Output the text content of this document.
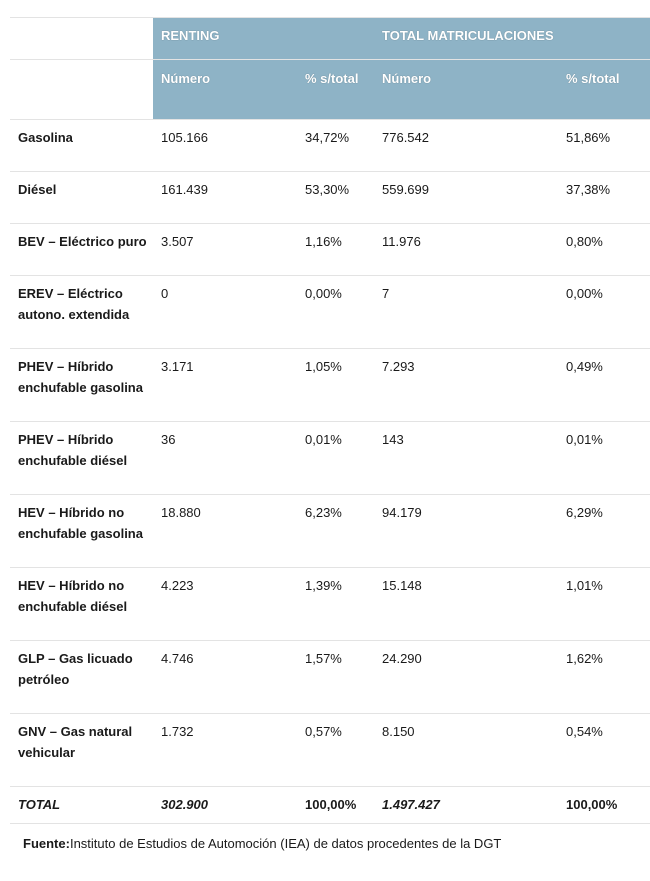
	RENTING		TOTAL MATRICULACIONES	

	Número	% s/total	Número	% s/total

Gasolina	105.166	34,72%	776.542	51,86%

Diésel	161.439	53,30%	559.699	37,38%

BEV – Eléctrico puro	3.507	1,16%	11.976	0,80%

EREV – Eléctrico autono. extendida	0	0,00%	7	0,00%

PHEV – Híbrido enchufable gasolina	3.171	1,05%	7.293	0,49%

PHEV – Híbrido enchufable diésel	36	0,01%	143	0,01%

HEV – Híbrido no enchufable gasolina	18.880	6,23%	94.179	6,29%

HEV – Híbrido no enchufable diésel	4.223	1,39%	15.148	1,01%

GLP – Gas licuado petróleo	4.746	1,57%	24.290	1,62%

GNV – Gas natural vehicular	1.732	0,57%	8.150	0,54%

TOTAL	302.900	100,00%	1.497.427	100,00%
Fuente:Instituto de Estudios de Automoción (IEA) de datos procedentes de la DGT
